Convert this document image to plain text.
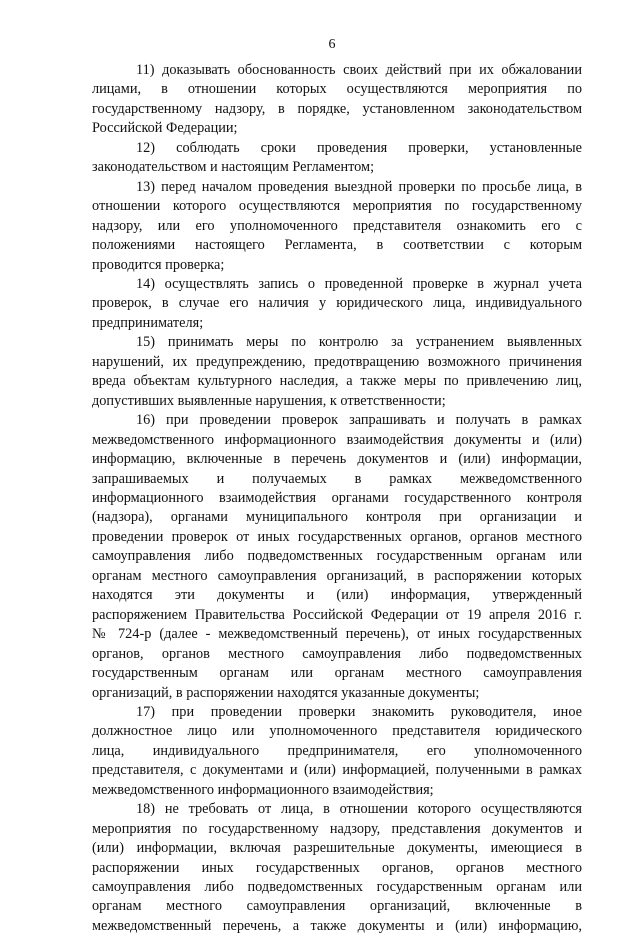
6
11) доказывать обоснованность своих действий при их обжаловании
лицами, в отношении которых осуществляются мероприятия по
государственному надзору, в порядке, установленном законодательством
Российской Федерации;
12) соблюдать сроки проведения проверки, установленные
законодательством и настоящим Регламентом;
13) перед началом проведения выездной проверки по просьбе лица, в
отношении которого осуществляются мероприятия по государственному
надзору, или его уполномоченного представителя ознакомить его с
положениями настоящего Регламента, в соответствии с которым
проводится проверка;
14) осуществлять запись о проведенной проверке в журнал учета
проверок, в случае его наличия у юридического лица, индивидуального
предпринимателя;
15) принимать меры по контролю за устранением выявленных
нарушений, их предупреждению, предотвращению возможного причинения
вреда объектам культурного наследия, а также меры по привлечению лиц,
допустивших выявленные нарушения, к ответственности;
16) при проведении проверок запрашивать и получать в рамках
межведомственного информационного взаимодействия документы и (или)
информацию, включенные в перечень документов и (или) информации,
запрашиваемых и получаемых в рамках межведомственного
информационного взаимодействия органами государственного контроля
(надзора), органами муниципального контроля при организации и
проведении проверок от иных государственных органов, органов местного
самоуправления либо подведомственных государственным органам или
органам местного самоуправления организаций, в распоряжении которых
находятся эти документы и (или) информация, утвержденный
распоряжением Правительства Российской Федерации от 19 апреля 2016 г.
№ 724-р (далее - межведомственный перечень), от иных государственных
органов, органов местного самоуправления либо подведомственных
государственным органам или органам местного самоуправления
организаций, в распоряжении находятся указанные документы;
17) при проведении проверки знакомить руководителя, иное
должностное лицо или уполномоченного представителя юридического
лица, индивидуального предпринимателя, его уполномоченного
представителя, с документами и (или) информацией, полученными в рамках
межведомственного информационного взаимодействия;
18) не требовать от лица, в отношении которого осуществляются
мероприятия по государственному надзору, представления документов и
(или) информации, включая разрешительные документы, имеющиеся в
распоряжении иных государственных органов, органов местного
самоуправления либо подведомственных государственным органам или
органам местного самоуправления организаций, включенные в
межведомственный перечень, а также документы и (или) информацию,
